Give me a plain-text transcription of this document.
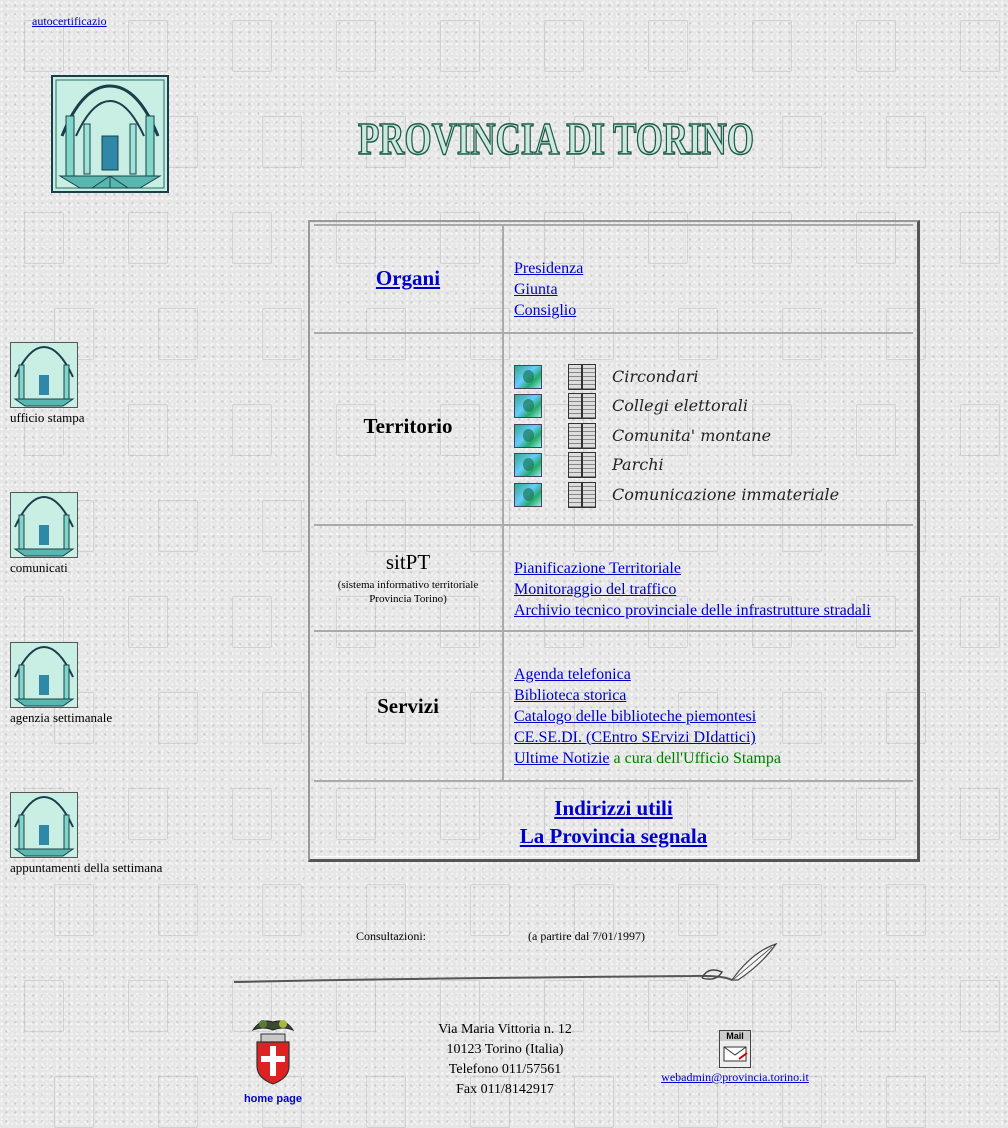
autocertificazio
PROVINCIA DI TORINO
Organi	Presidenza
Giunta
Consiglio
Territorio
Circondari
Collegi elettorali
Comunita' montane
Parchi
Comunicazione immateriale
sitPT
(sistema informativo territoriale
Provincia Torino)
Pianificazione Territoriale
Monitoraggio del traffico
Archivio tecnico provinciale delle infrastrutture stradali
Servizi
Agenda telefonica
Biblioteca storica
Catalogo delle biblioteche piemontesi
CE.SE.DI. (CEntro SErvizi DIdattici)
Ultime Notizie a cura dell'Ufficio Stampa
Indirizzi utili
La Provincia segnala
ufficio stampa
comunicati
agenzia settimanale
appuntamenti della settimana
Consultazioni:	(a partire dal 7/01/1997)
home page
Via Maria Vittoria n. 12
10123 Torino (Italia)
Telefono 011/57561
Fax 011/8142917
Mail
webadmin@provincia.torino.it
